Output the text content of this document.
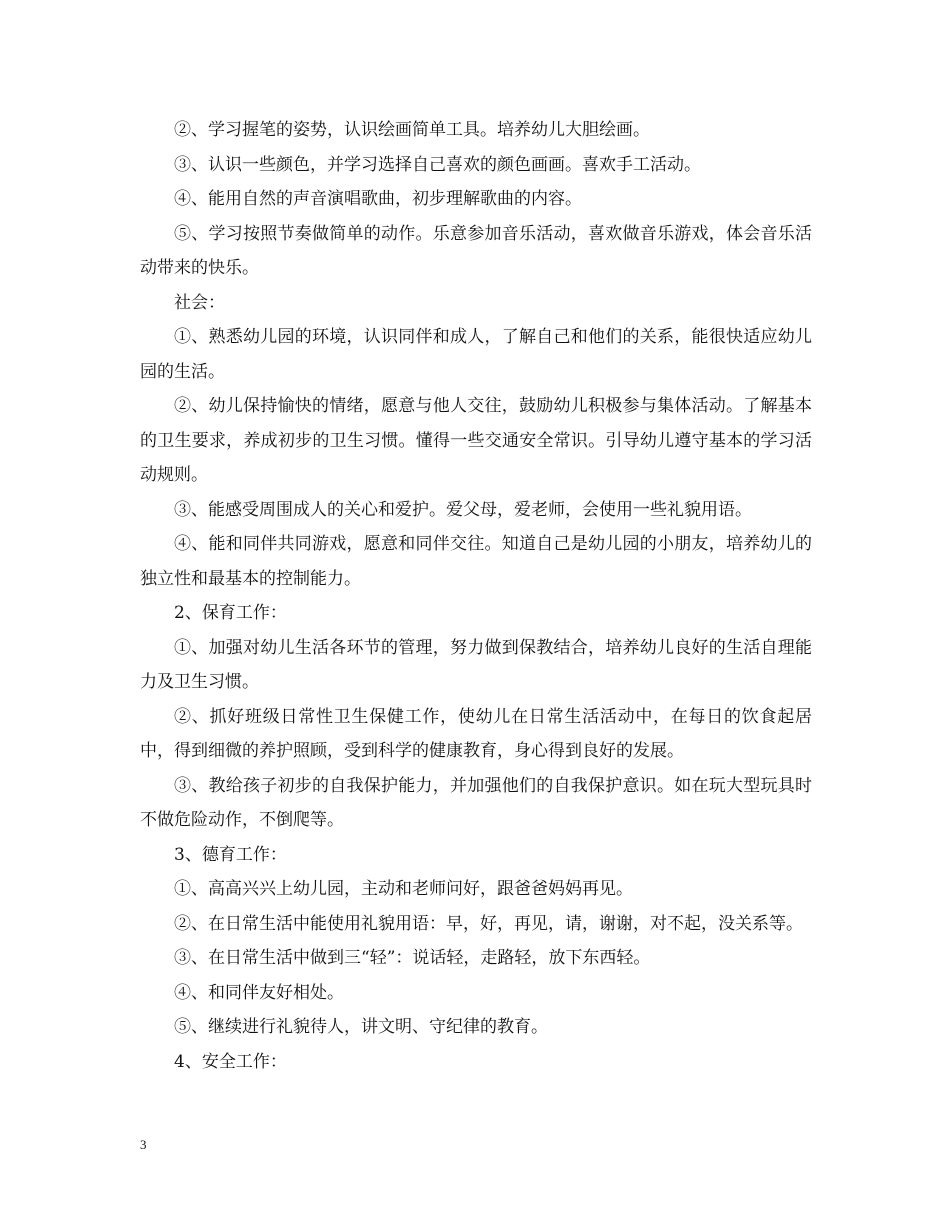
②、学习握笔的姿势，认识绘画简单工具。培养幼儿大胆绘画。

③、认识一些颜色，并学习选择自己喜欢的颜色画画。喜欢手工活动。

④、能用自然的声音演唱歌曲，初步理解歌曲的内容。

⑤、学习按照节奏做简单的动作。乐意参加音乐活动，喜欢做音乐游戏，体会音乐活动带来的快乐。

社会：

①、熟悉幼儿园的环境，认识同伴和成人，了解自己和他们的关系，能很快适应幼儿园的生活。

②、幼儿保持愉快的情绪，愿意与他人交往，鼓励幼儿积极参与集体活动。了解基本的卫生要求，养成初步的卫生习惯。懂得一些交通安全常识。引导幼儿遵守基本的学习活动规则。

③、能感受周围成人的关心和爱护。爱父母，爱老师，会使用一些礼貌用语。

④、能和同伴共同游戏，愿意和同伴交往。知道自己是幼儿园的小朋友，培养幼儿的独立性和最基本的控制能力。

2、保育工作：

①、加强对幼儿生活各环节的管理，努力做到保教结合，培养幼儿良好的生活自理能力及卫生习惯。

②、抓好班级日常性卫生保健工作，使幼儿在日常生活活动中，在每日的饮食起居中，得到细微的养护照顾，受到科学的健康教育，身心得到良好的发展。

③、教给孩子初步的自我保护能力，并加强他们的自我保护意识。如在玩大型玩具时不做危险动作，不倒爬等。

3、德育工作：

①、高高兴兴上幼儿园，主动和老师问好，跟爸爸妈妈再见。

②、在日常生活中能使用礼貌用语：早，好，再见，请，谢谢，对不起，没关系等。

③、在日常生活中做到三“轻”：说话轻，走路轻，放下东西轻。

④、和同伴友好相处。

⑤、继续进行礼貌待人，讲文明、守纪律的教育。

4、安全工作：

3
